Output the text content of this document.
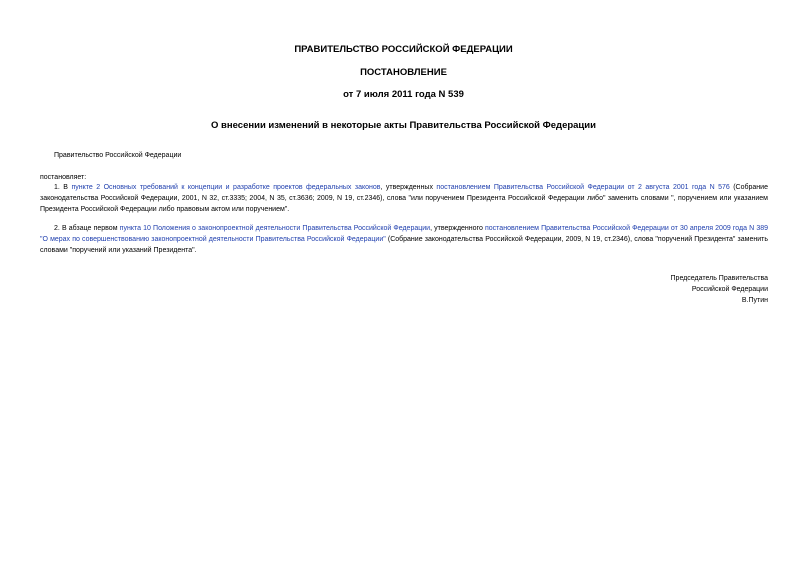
ПРАВИТЕЛЬСТВО РОССИЙСКОЙ ФЕДЕРАЦИИ
ПОСТАНОВЛЕНИЕ
от 7 июля 2011 года N 539
О внесении изменений в некоторые акты Правительства Российской Федерации
Правительство Российской Федерации
постановляет:
1. В пункте 2 Основных требований к концепции и разработке проектов федеральных законов, утвержденных постановлением Правительства Российской Федерации от 2 августа 2001 года N 576 (Собрание законодательства Российской Федерации, 2001, N 32, ст.3335; 2004, N 35, ст.3636; 2009, N 19, ст.2346), слова "или поручением Президента Российской Федерации либо" заменить словами ", поручением или указанием Президента Российской Федерации либо правовым актом или поручением".
2. В абзаце первом пункта 10 Положения о законопроектной деятельности Правительства Российской Федерации, утвержденного постановлением Правительства Российской Федерации от 30 апреля 2009 года N 389 "О мерах по совершенствованию законопроектной деятельности Правительства Российской Федерации" (Собрание законодательства Российской Федерации, 2009, N 19, ст.2346), слова "поручений Президента" заменить словами "поручений или указаний Президента".
Председатель Правительства
Российской Федерации
В.Путин
